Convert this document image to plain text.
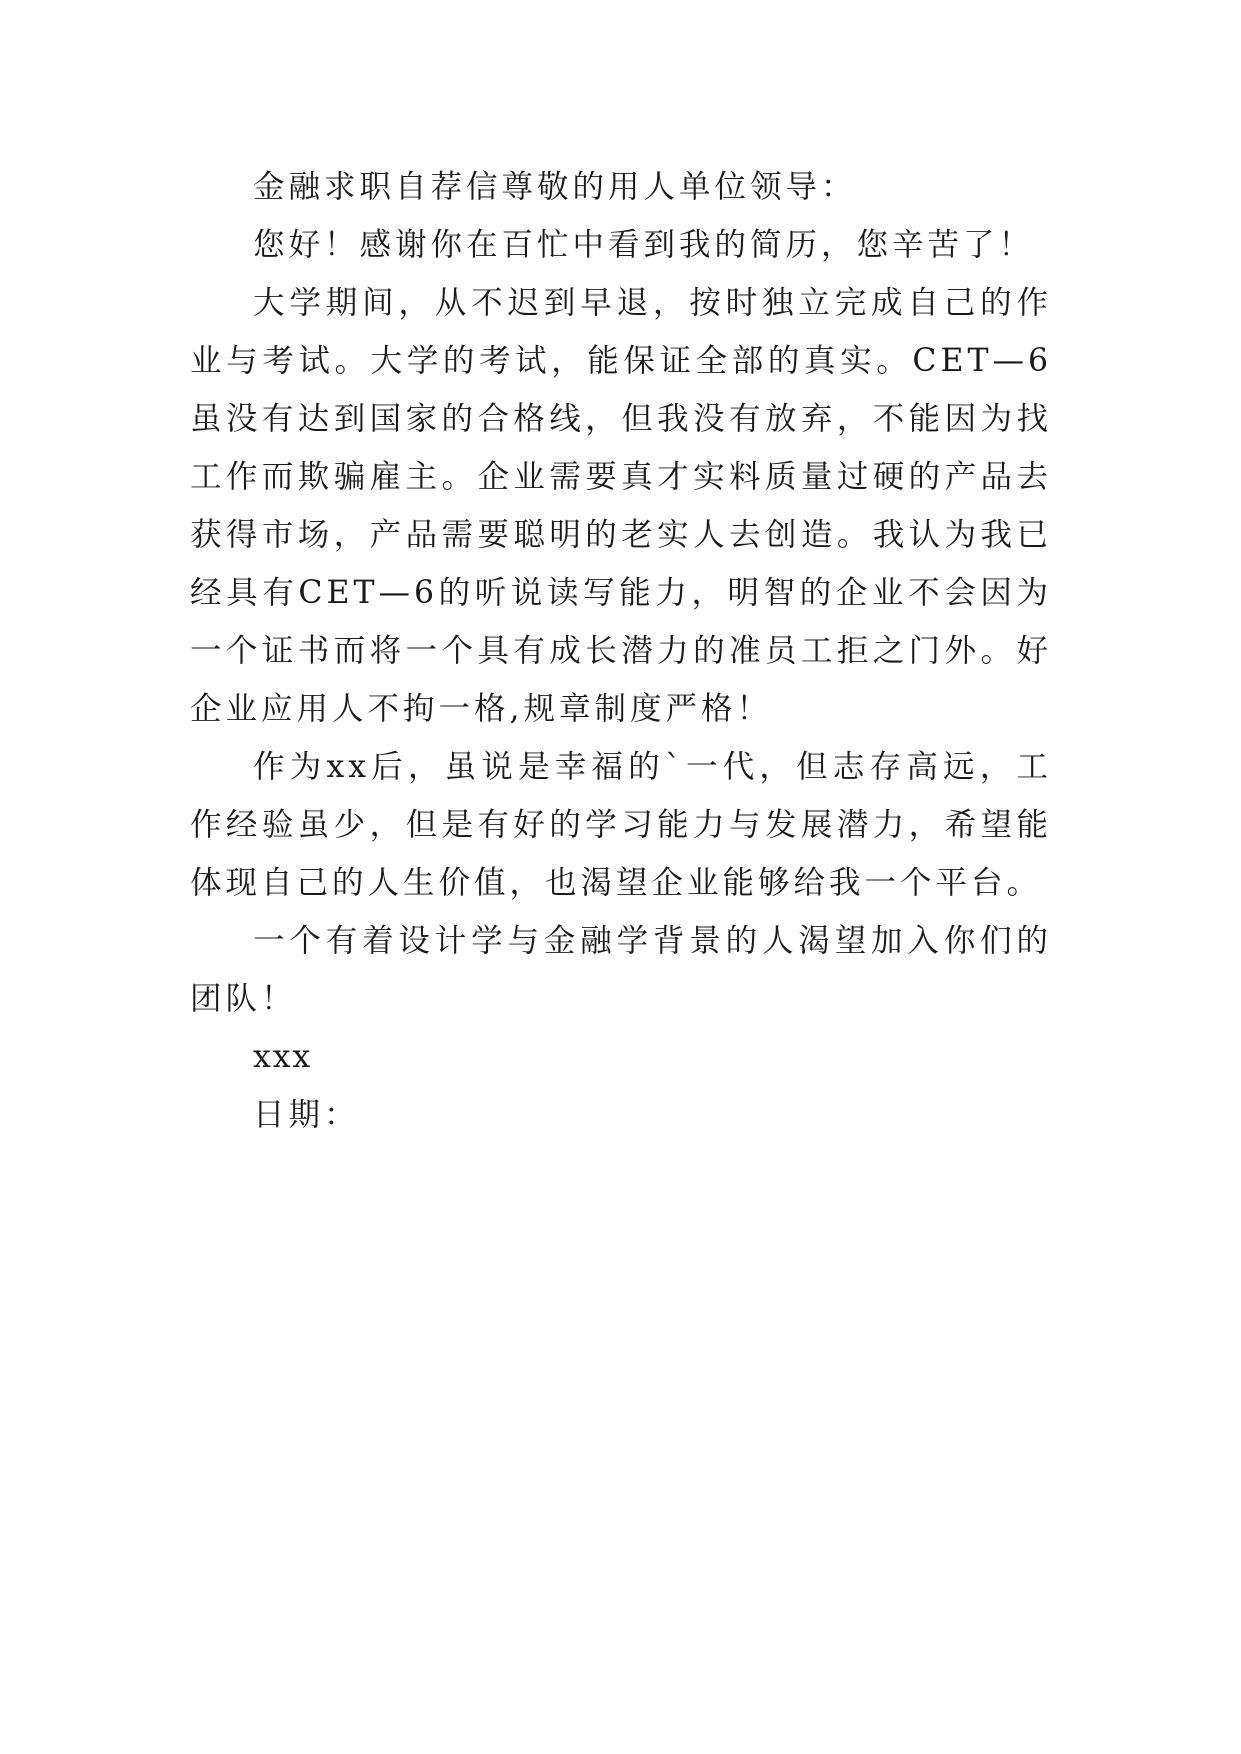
金融求职自荐信尊敬的用人单位领导：

您好！感谢你在百忙中看到我的简历，您辛苦了！

大学期间，从不迟到早退，按时独立完成自己的作业与考试。大学的考试，能保证全部的真实。CET—6虽没有达到国家的合格线，但我没有放弃，不能因为找工作而欺骗雇主。企业需要真才实料质量过硬的产品去获得市场，产品需要聪明的老实人去创造。我认为我已经具有CET—6的听说读写能力，明智的企业不会因为一个证书而将一个具有成长潜力的准员工拒之门外。好企业应用人不拘一格,规章制度严格！

作为xx后，虽说是幸福的`一代，但志存高远，工作经验虽少，但是有好的学习能力与发展潜力，希望能体现自己的人生价值，也渴望企业能够给我一个平台。

一个有着设计学与金融学背景的人渴望加入你们的团队！

xxx

日期：
